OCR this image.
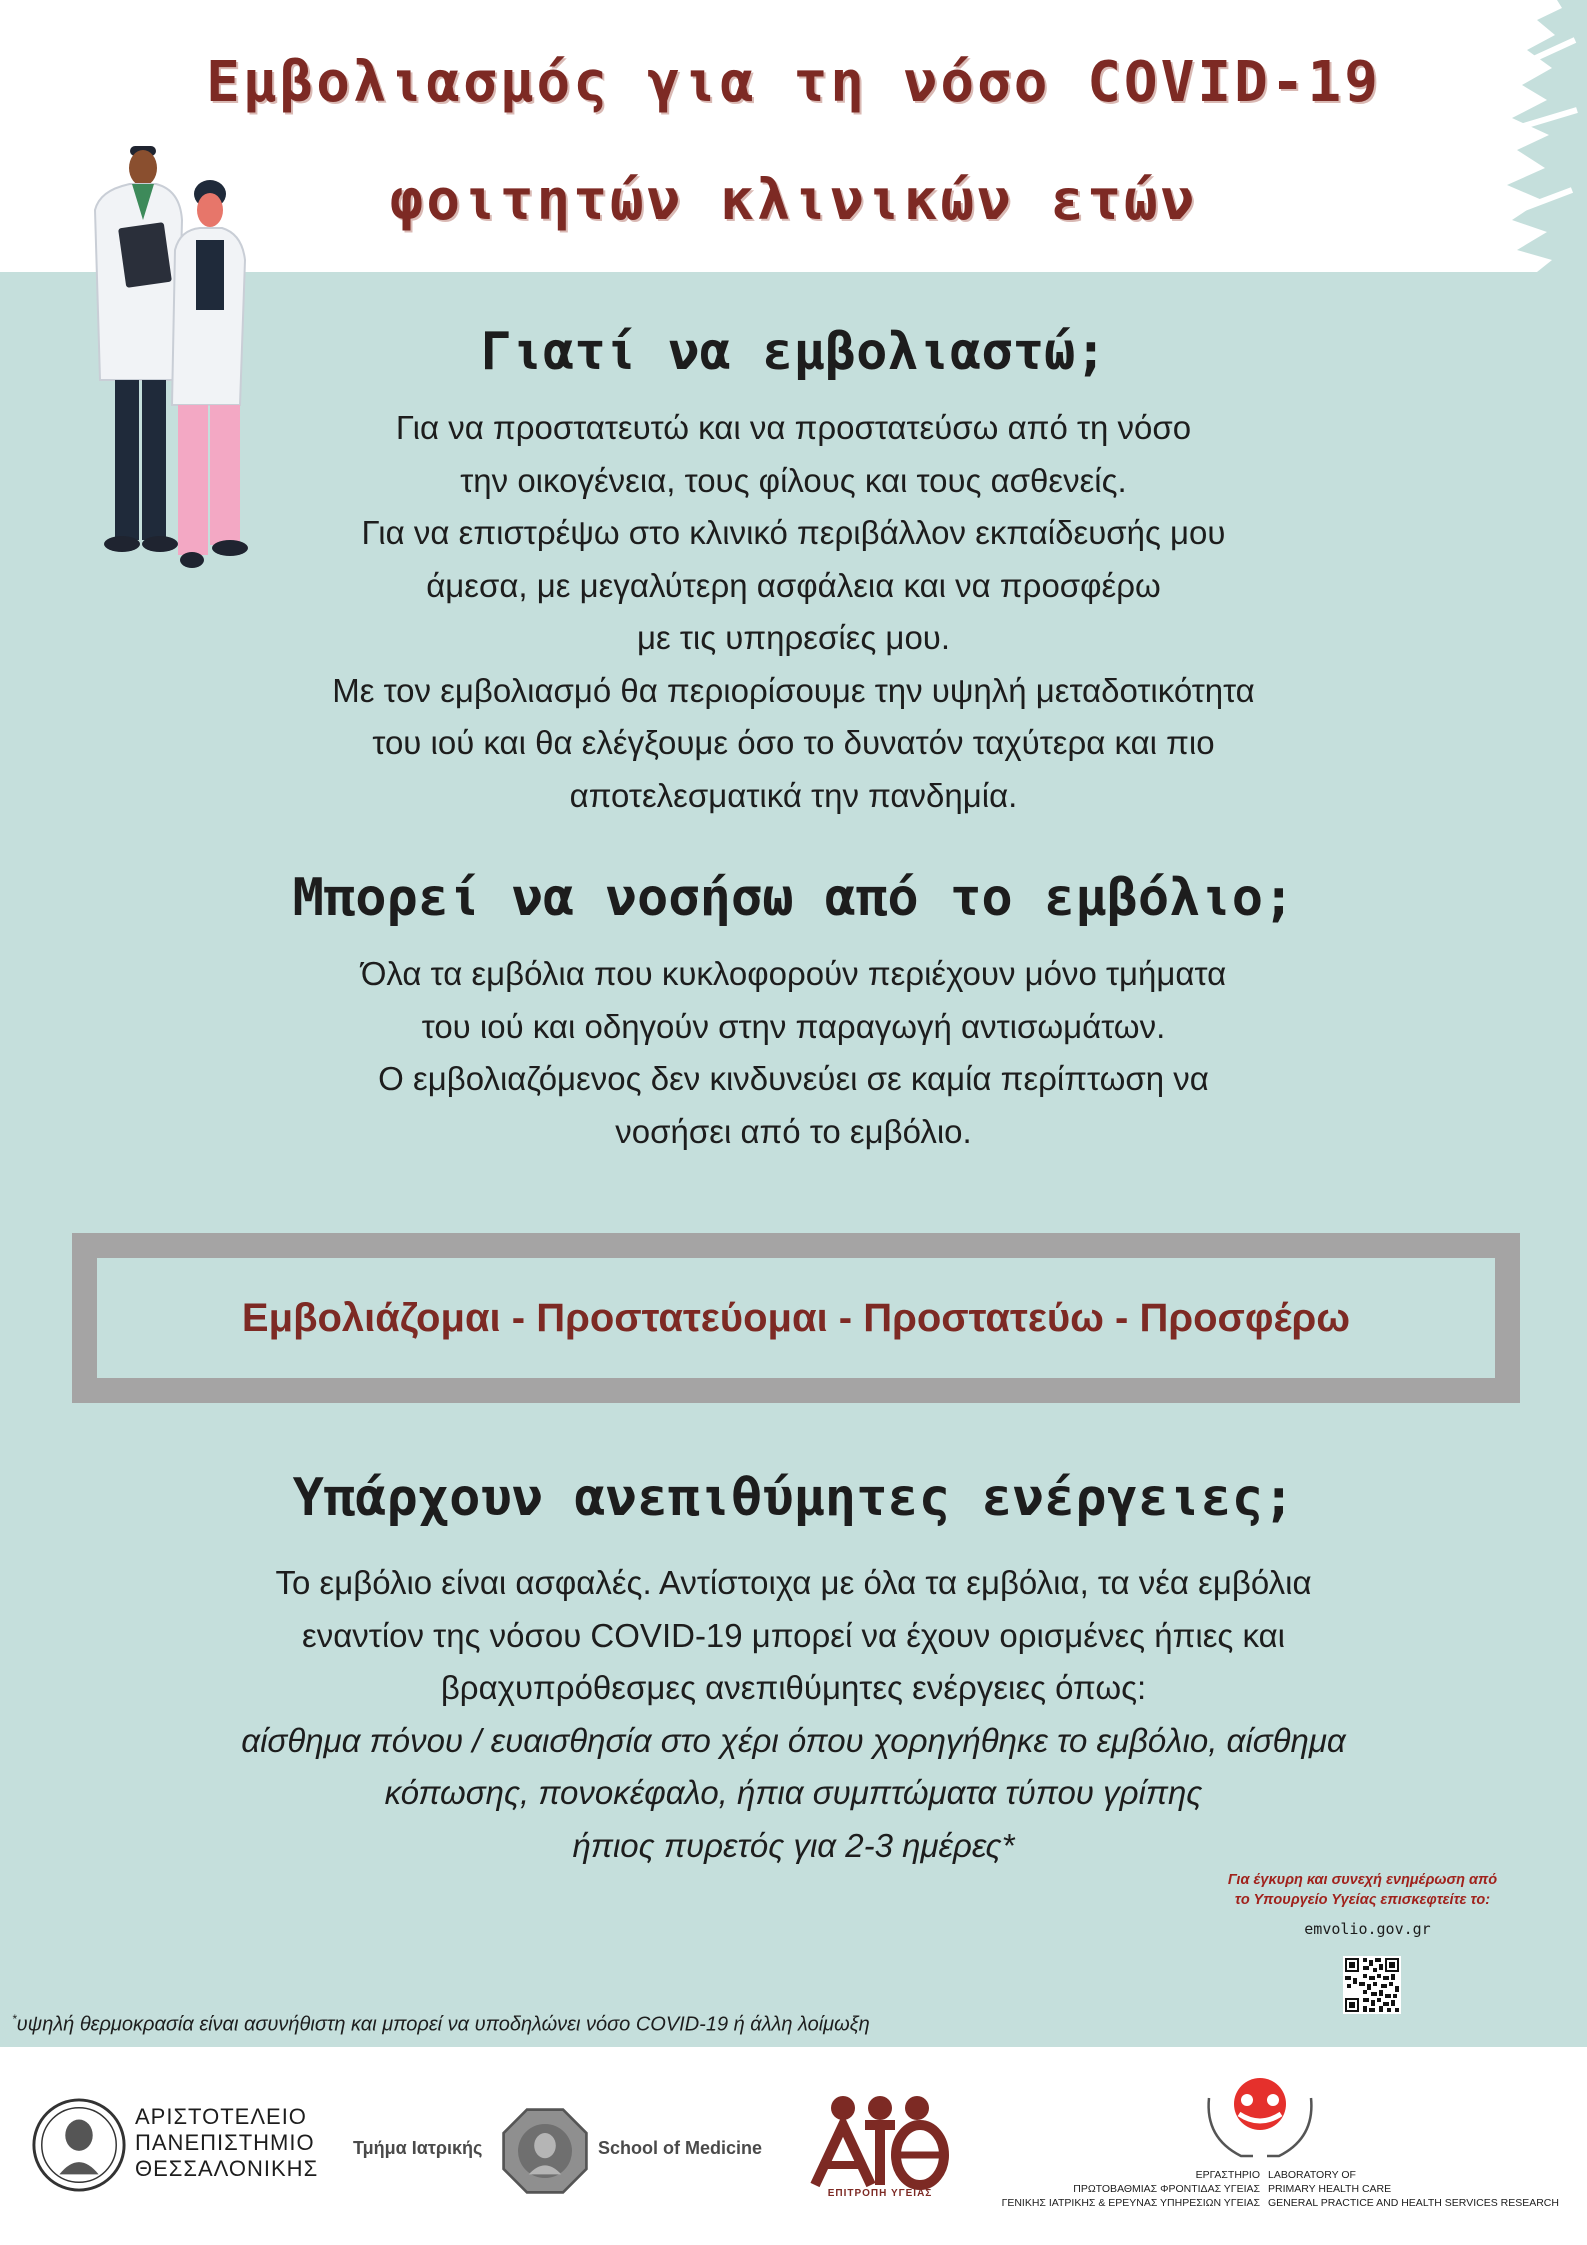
Εμβολιασμός για τη νόσο COVID-19
φοιτητών κλινικών ετών
Γιατί να εμβολιαστώ;
Για να προστατευτώ και να προστατεύσω από τη νόσο
την οικογένεια, τους φίλους και τους ασθενείς.
Για να επιστρέψω στο κλινικό περιβάλλον εκπαίδευσής μου
άμεσα, με μεγαλύτερη ασφάλεια και να προσφέρω
με τις υπηρεσίες μου.
Με τον εμβολιασμό θα περιορίσουμε την υψηλή μεταδοτικότητα
του ιού και θα ελέγξουμε όσο το δυνατόν ταχύτερα και πιο
αποτελεσματικά την πανδημία.
Μπορεί να νοσήσω από το εμβόλιο;
Όλα τα εμβόλια που κυκλοφορούν περιέχουν μόνο τμήματα
του ιού και οδηγούν στην παραγωγή αντισωμάτων.
Ο εμβολιαζόμενος δεν κινδυνεύει σε καμία περίπτωση να
νοσήσει από το εμβόλιο.
Εμβολιάζομαι - Προστατεύομαι - Προστατεύω - Προσφέρω
Υπάρχουν ανεπιθύμητες ενέργειες;
Το εμβόλιο είναι ασφαλές. Αντίστοιχα με όλα τα εμβόλια, τα νέα εμβόλια
εναντίον της νόσου COVID-19 μπορεί να έχουν ορισμένες ήπιες και
βραχυπρόθεσμες ανεπιθύμητες ενέργειες όπως:
αίσθημα πόνου / ευαισθησία στο χέρι όπου χορηγήθηκε το εμβόλιο, αίσθημα
κόπωσης, πονοκέφαλο, ήπια συμπτώματα τύπου γρίπης
ήπιος πυρετός για 2-3 ημέρες*
Για έγκυρη και συνεχή ενημέρωση από
το Υπουργείο Υγείας επισκεφτείτε το:
emvolio.gov.gr
*υψηλή θερμοκρασία είναι ασυνήθιστη και μπορεί να υποδηλώνει νόσο COVID-19 ή άλλη λοίμωξη
ΑΡΙΣΤΟΤΕΛΕΙΟ
ΠΑΝΕΠΙΣΤΗΜΙΟ
ΘΕΣΣΑΛΟΝΙΚΗΣ
Τμήμα Ιατρικής	School of Medicine
ΕΠΙΤΡΟΠΗ ΥΓΕΙΑΣ
ΕΡΓΑΣΤΗΡΙΟ
ΠΡΩΤΟΒΑΘΜΙΑΣ ΦΡΟΝΤΙΔΑΣ ΥΓΕΙΑΣ
ΓΕΝΙΚΗΣ ΙΑΤΡΙΚΗΣ & ΕΡΕΥΝΑΣ ΥΠΗΡΕΣΙΩΝ ΥΓΕΙΑΣ
LABORATORY OF
PRIMARY HEALTH CARE
GENERAL PRACTICE AND HEALTH SERVICES RESEARCH
